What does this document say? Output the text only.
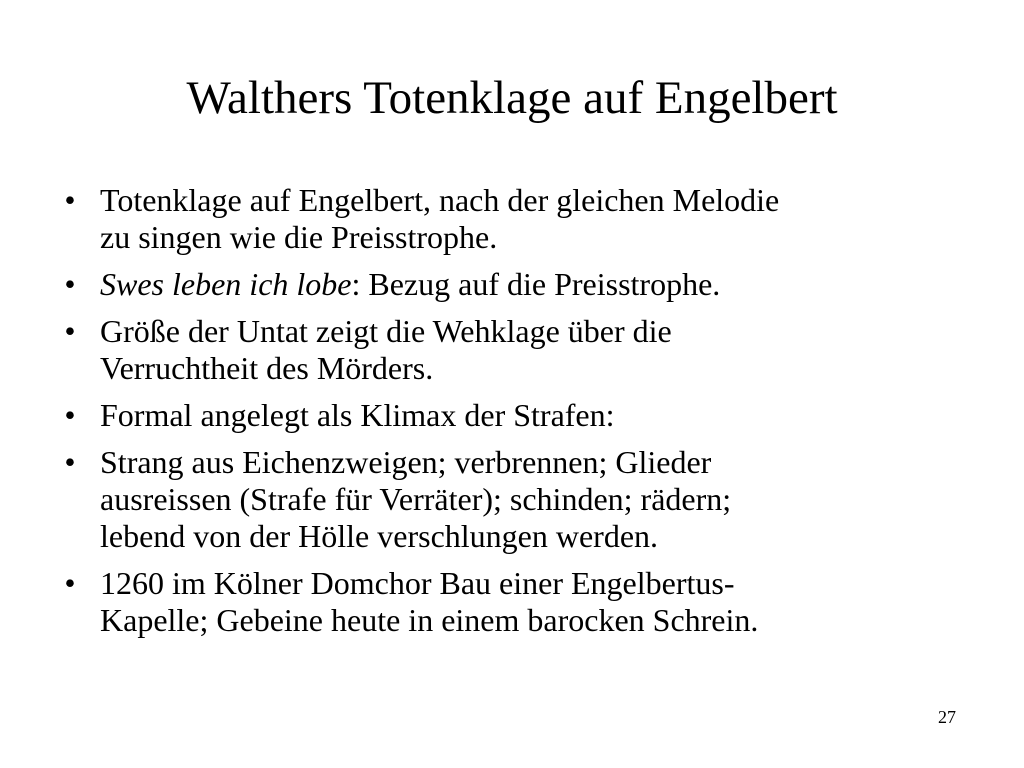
Walthers Totenklage auf Engelbert
• Totenklage auf Engelbert, nach der gleichen Melodie
zu singen wie die Preisstrophe.
• Swes leben ich lobe: Bezug auf die Preisstrophe.
• Größe der Untat zeigt die Wehklage über die
Verruchtheit des Mörders.
• Formal angelegt als Klimax der Strafen:
• Strang aus Eichenzweigen; verbrennen; Glieder
ausreissen (Strafe für Verräter); schinden; rädern;
lebend von der Hölle verschlungen werden.
• 1260 im Kölner Domchor Bau einer Engelbertus-
Kapelle; Gebeine heute in einem barocken Schrein.
27
